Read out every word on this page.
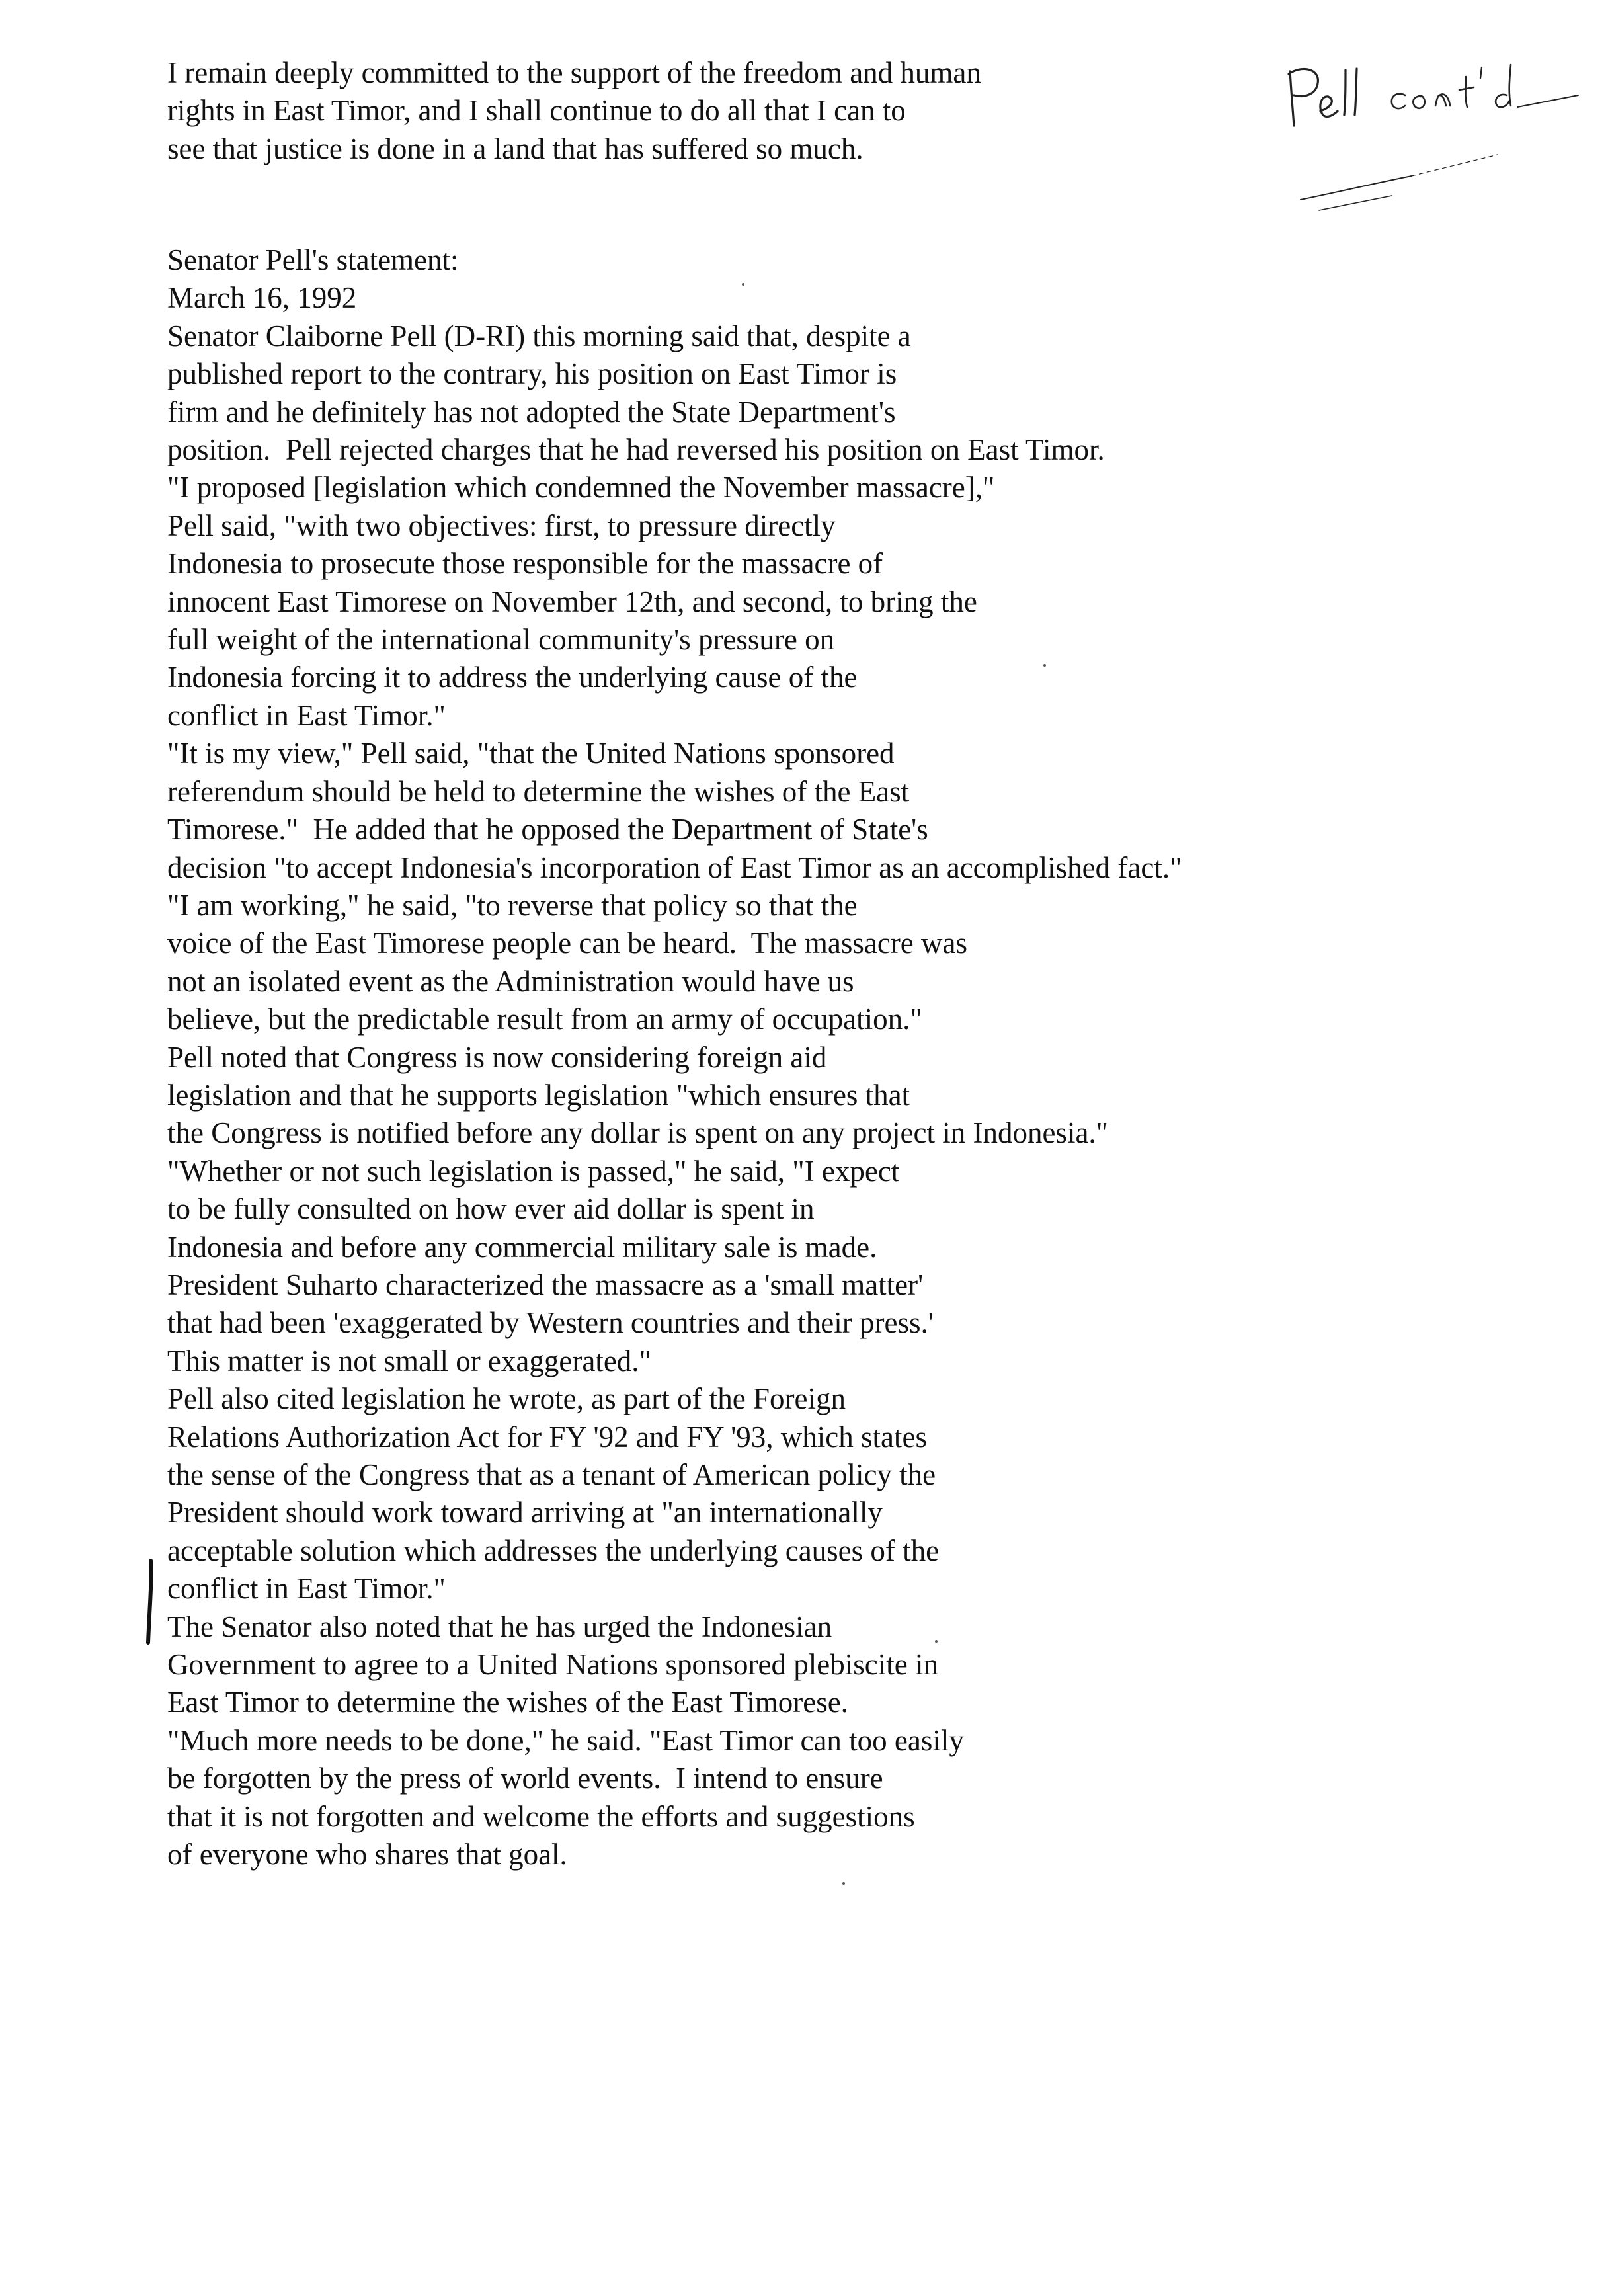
I remain deeply committed to the support of the freedom and human
rights in East Timor, and I shall continue to do all that I can to
see that justice is done in a land that has suffered so much.
Senator Pell's statement:
March 16, 1992
Senator Claiborne Pell (D-RI) this morning said that, despite a
published report to the contrary, his position on East Timor is
firm and he definitely has not adopted the State Department's
position.  Pell rejected charges that he had reversed his position on East Timor.
"I proposed [legislation which condemned the November massacre],"
Pell said, "with two objectives: first, to pressure directly
Indonesia to prosecute those responsible for the massacre of
innocent East Timorese on November 12th, and second, to bring the
full weight of the international community's pressure on
Indonesia forcing it to address the underlying cause of the
conflict in East Timor."
"It is my view," Pell said, "that the United Nations sponsored
referendum should be held to determine the wishes of the East
Timorese."  He added that he opposed the Department of State's
decision "to accept Indonesia's incorporation of East Timor as an accomplished fact."
"I am working," he said, "to reverse that policy so that the
voice of the East Timorese people can be heard.  The massacre was
not an isolated event as the Administration would have us
believe, but the predictable result from an army of occupation."
Pell noted that Congress is now considering foreign aid
legislation and that he supports legislation "which ensures that
the Congress is notified before any dollar is spent on any project in Indonesia."
"Whether or not such legislation is passed," he said, "I expect
to be fully consulted on how ever aid dollar is spent in
Indonesia and before any commercial military sale is made.
President Suharto characterized the massacre as a 'small matter'
that had been 'exaggerated by Western countries and their press.'
This matter is not small or exaggerated."
Pell also cited legislation he wrote, as part of the Foreign
Relations Authorization Act for FY '92 and FY '93, which states
the sense of the Congress that as a tenant of American policy the
President should work toward arriving at "an internationally
acceptable solution which addresses the underlying causes of the
conflict in East Timor."
The Senator also noted that he has urged the Indonesian
Government to agree to a United Nations sponsored plebiscite in
East Timor to determine the wishes of the East Timorese.
"Much more needs to be done," he said. "East Timor can too easily
be forgotten by the press of world events.  I intend to ensure
that it is not forgotten and welcome the efforts and suggestions
of everyone who shares that goal.
